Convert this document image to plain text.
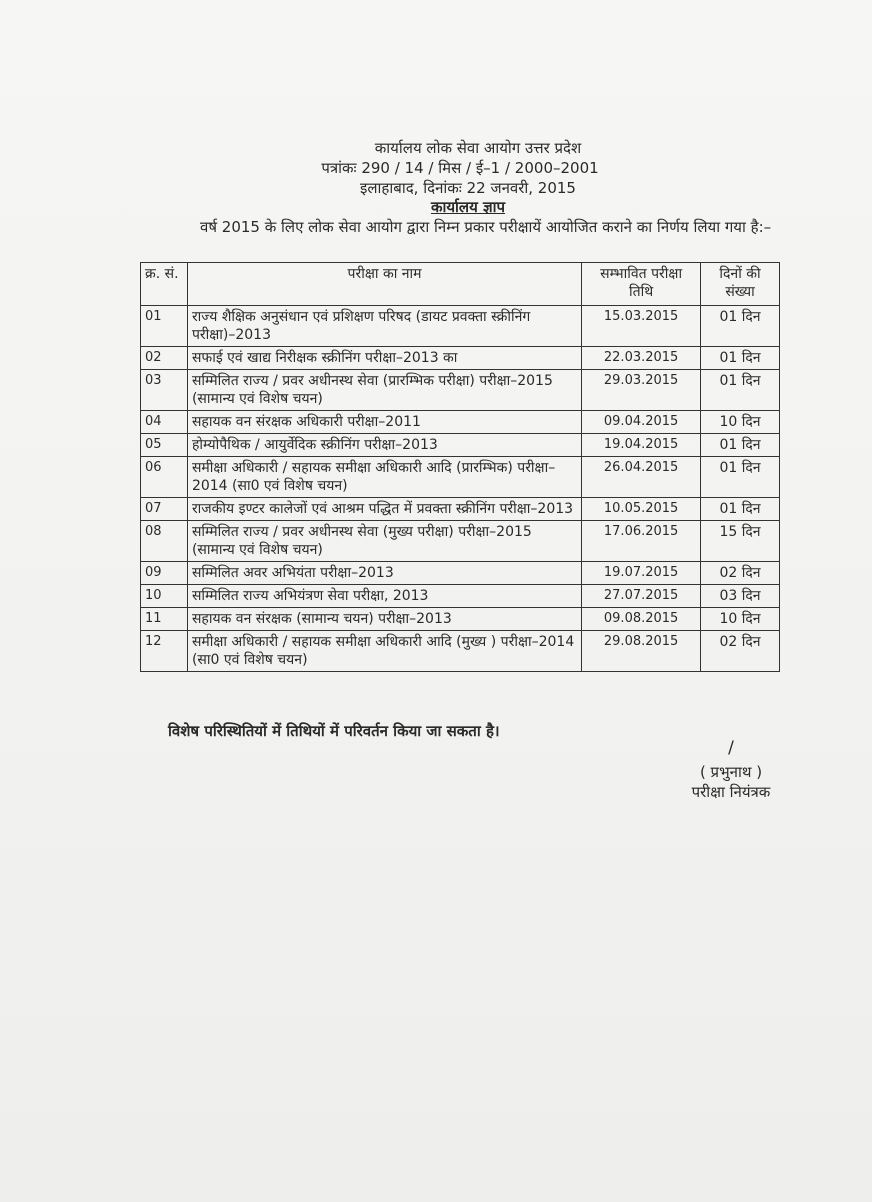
कार्यालय लोक सेवा आयोग उत्तर प्रदेश
पत्रांकः 290 / 14 / मिस / ई–1 / 2000–2001
इलाहाबाद, दिनांकः 22 जनवरी, 2015
कार्यालय ज्ञाप
वर्ष 2015 के लिए लोक सेवा आयोग द्वारा निम्न प्रकार परीक्षायें आयोजित कराने का निर्णय लिया गया है:–
क्र. सं.	परीक्षा का नाम	सम्भावित परीक्षा तिथि	दिनों की संख्या
01	राज्य शैक्षिक अनुसंधान एवं प्रशिक्षण परिषद (डायट प्रवक्ता स्क्रीनिंग परीक्षा)–2013	15.03.2015	01 दिन
02	सफाई एवं खाद्य निरीक्षक स्क्रीनिंग परीक्षा–2013 का	22.03.2015	01 दिन
03	सम्मिलित राज्य / प्रवर अधीनस्थ सेवा (प्रारम्भिक परीक्षा) परीक्षा–2015 (सामान्य एवं विशेष चयन)	29.03.2015	01 दिन
04	सहायक वन संरक्षक अधिकारी परीक्षा–2011	09.04.2015	10 दिन
05	होम्योपैथिक / आयुर्वेदिक स्क्रीनिंग परीक्षा–2013	19.04.2015	01 दिन
06	समीक्षा अधिकारी / सहायक समीक्षा अधिकारी आदि (प्रारम्भिक) परीक्षा–2014 (सा0 एवं विशेष चयन)	26.04.2015	01 दिन
07	राजकीय इण्टर कालेजों एवं आश्रम पद्धित में प्रवक्ता स्क्रीनिंग परीक्षा–2013	10.05.2015	01 दिन
08	सम्मिलित राज्य / प्रवर अधीनस्थ सेवा (मुख्य परीक्षा) परीक्षा–2015 (सामान्य एवं विशेष चयन)	17.06.2015	15 दिन
09	सम्मिलित अवर अभियंता परीक्षा–2013	19.07.2015	02 दिन
10	सम्मिलित राज्य अभियंत्रण सेवा परीक्षा, 2013	27.07.2015	03 दिन
11	सहायक वन संरक्षक (सामान्य चयन) परीक्षा–2013	09.08.2015	10 दिन
12	समीक्षा अधिकारी / सहायक समीक्षा अधिकारी आदि (मुख्य ) परीक्षा–2014 (सा0 एवं विशेष चयन)	29.08.2015	02 दिन
विशेष परिस्थितियों में तिथियों में परिवर्तन किया जा सकता है।
/
( प्रभुनाथ )
परीक्षा नियंत्रक
